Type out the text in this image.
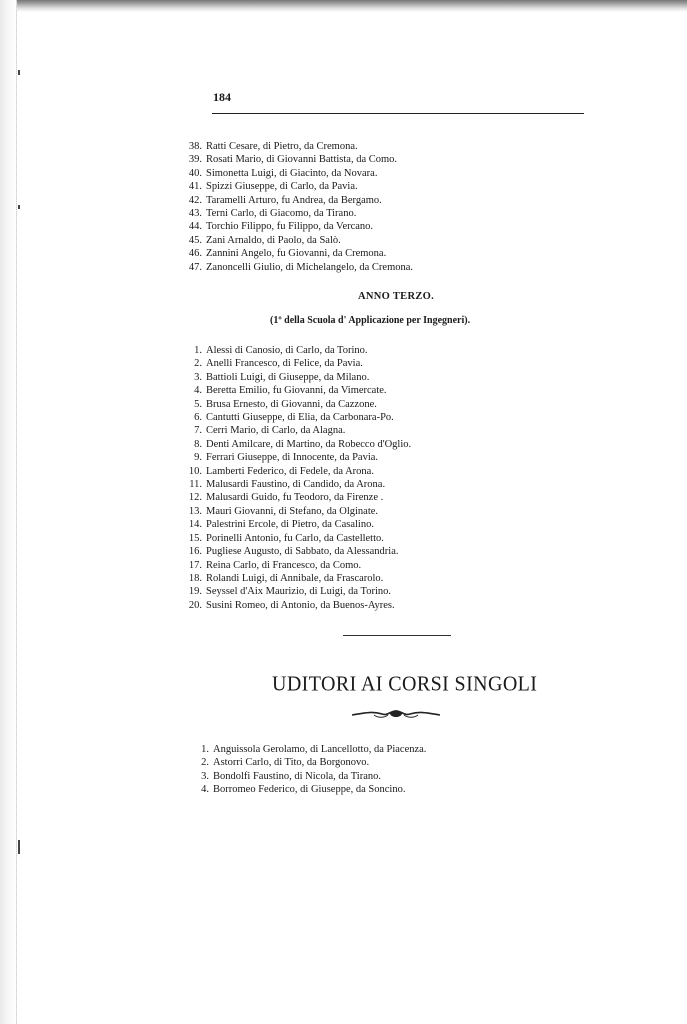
184
38. Ratti Cesare, di Pietro, da Cremona.
39. Rosati Mario, di Giovanni Battista, da Como.
40. Simonetta Luigi, di Giacinto, da Novara.
41. Spizzi Giuseppe, di Carlo, da Pavia.
42. Taramelli Arturo, fu Andrea, da Bergamo.
43. Terni Carlo, di Giacomo, da Tirano.
44. Torchio Filippo, fu Filippo, da Vercano.
45. Zani Arnaldo, di Paolo, da Salò.
46. Zannini Angelo, fu Giovanni, da Cremona.
47. Zanoncelli Giulio, di Michelangelo, da Cremona.
ANNO TERZO.
(1º della Scuola d' Applicazione per Ingegneri).
1. Alessi di Canosio, di Carlo, da Torino.
2. Anelli Francesco, di Felice, da Pavia.
3. Battioli Luigi, di Giuseppe, da Milano.
4. Beretta Emilio, fu Giovanni, da Vimercate.
5. Brusa Ernesto, di Giovanni, da Cazzone.
6. Cantutti Giuseppe, di Elia, da Carbonara-Po.
7. Cerri Mario, di Carlo, da Alagna.
8. Denti Amilcare, di Martino, da Robecco d'Oglio.
9. Ferrari Giuseppe, di Innocente, da Pavia.
10. Lamberti Federico, di Fedele, da Arona.
11. Malusardi Faustino, di Candido, da Arona.
12. Malusardi Guido, fu Teodoro, da Firenze .
13. Mauri Giovanni, di Stefano, da Olginate.
14. Palestrini Ercole, di Pietro, da Casalino.
15. Porinelli Antonio, fu Carlo, da Castelletto.
16. Pugliese Augusto, di Sabbato, da Alessandria.
17. Reina Carlo, di Francesco, da Como.
18. Rolandi Luigi, di Annibale, da Frascarolo.
19. Seyssel d'Aix Maurizio, di Luigi, da Torino.
20. Susini Romeo, di Antonio, da Buenos-Ayres.
UDITORI AI CORSI SINGOLI
1. Anguissola Gerolamo, di Lancellotto, da Piacenza.
2. Astorri Carlo, di Tito, da Borgonovo.
3. Bondolfi Faustino, di Nicola, da Tirano.
4. Borromeo Federico, di Giuseppe, da Soncino.
